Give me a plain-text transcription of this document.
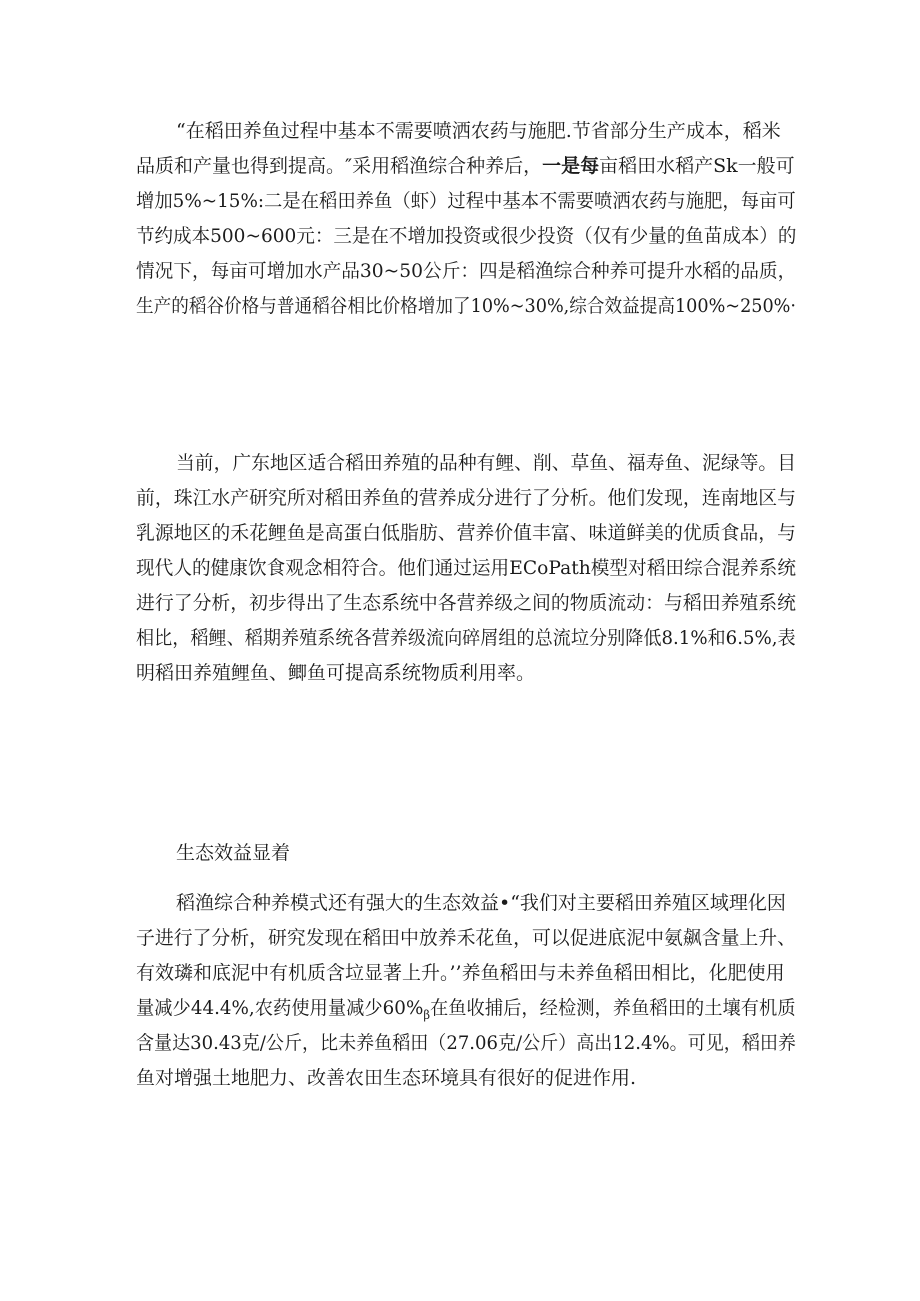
“在稻田养鱼过程中基本不需要喷洒农药与施肥.节省部分生产成本，稻米
品质和产量也得到提高。″采用稻渔综合种养后，一是每亩稻田水稻产Sk一般可
增加5%~15%:二是在稻田养鱼（虾）过程中基本不需要喷洒农药与施肥，每亩可
节约成本500~600元：三是在不增加投资或很少投资（仅有少量的鱼苗成本）的
情况下，每亩可增加水产品30~50公斤：四是稻渔综合种养可提升水稻的品质，
生产的稻谷价格与普通稻谷相比价格增加了10%~30%,综合效益提高100%~250%·

当前，广东地区适合稻田养殖的品种有鲤、削、草鱼、福寿鱼、泥绿等。目
前，珠江水产研究所对稻田养鱼的营养成分进行了分析。他们发现，连南地区与
乳源地区的禾花鲤鱼是高蛋白低脂肪、营养价值丰富、味道鲜美的优质食品，与
现代人的健康饮食观念相符合。他们通过运用ECoPath模型对稻田综合混养系统
进行了分析，初步得出了生态系统中各营养级之间的物质流动：与稻田养殖系统
相比，稻鲤、稻期养殖系统各营养级流向碎屑组的总流垃分别降低8.1%和6.5%,表
明稻田养殖鲤鱼、鲫鱼可提高系统物质利用率。

生态效益显着

稻渔综合种养模式还有强大的生态效益•“我们对主要稻田养殖区域理化因
子进行了分析，研究发现在稻田中放养禾花鱼，可以促进底泥中氨飙含量上升、
有效璘和底泥中有机质含垃显著上升。’’养鱼稻田与未养鱼稻田相比，化肥使用
量减少44.4%,农药使用量减少$60\%_\beta$在鱼收捕后，经检测，养鱼稻田的土壤有机质
含量达30.43克/公斤，比未养鱼稻田（27.06克/公斤）高出12.4%。可见，稻田养
鱼对增强土地肥力、改善农田生态环境具有很好的促进作用.
